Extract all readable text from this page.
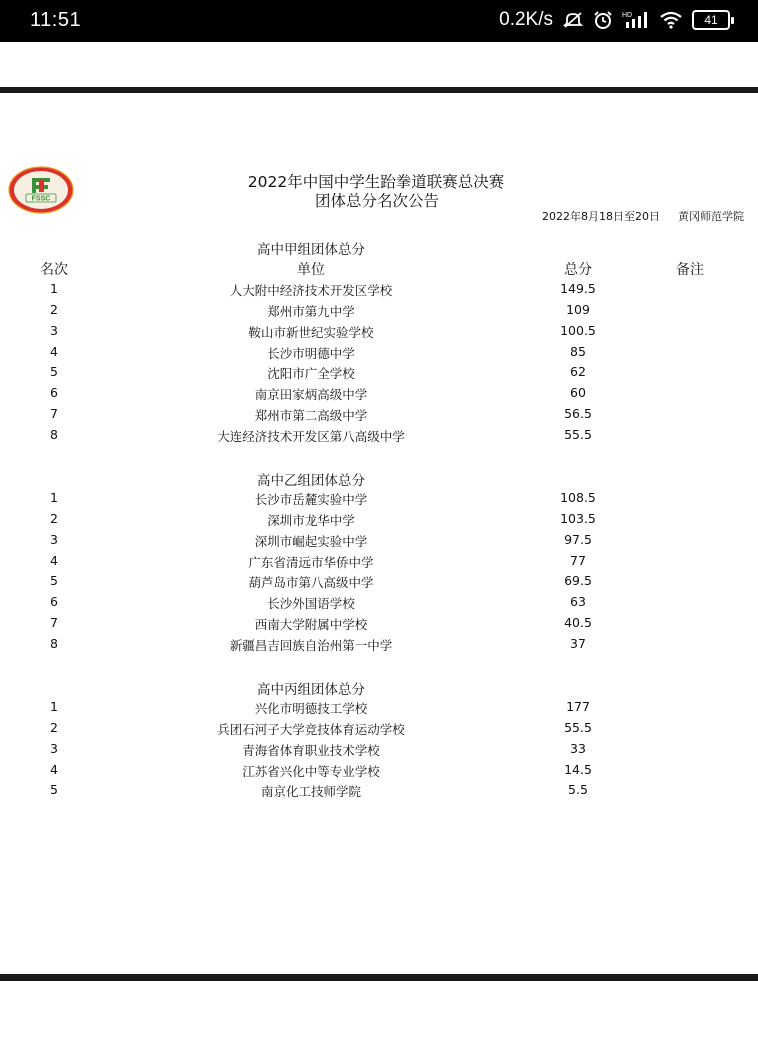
11:51	0.2K/s	HD	41
FSSC
2022年中国中学生跆拳道联赛总决赛
团体总分名次公告
2022年8月18日至20日 黄冈师范学院
高中甲组团体总分
名次	单位	总分	备注
1	人大附中经济技术开发区学校	149.5
2	郑州市第九中学	109
3	鞍山市新世纪实验学校	100.5
4	长沙市明德中学	85
5	沈阳市广全学校	62
6	南京田家炳高级中学	60
7	郑州市第二高级中学	56.5
8	大连经济技术开发区第八高级中学	55.5
高中乙组团体总分
1	长沙市岳麓实验中学	108.5
2	深圳市龙华中学	103.5
3	深圳市崛起实验中学	97.5
4	广东省清远市华侨中学	77
5	葫芦岛市第八高级中学	69.5
6	长沙外国语学校	63
7	西南大学附属中学校	40.5
8	新疆昌吉回族自治州第一中学	37
高中丙组团体总分
1	兴化市明德技工学校	177
2	兵团石河子大学竞技体育运动学校	55.5
3	青海省体育职业技术学校	33
4	江苏省兴化中等专业学校	14.5
5	南京化工技师学院	5.5
